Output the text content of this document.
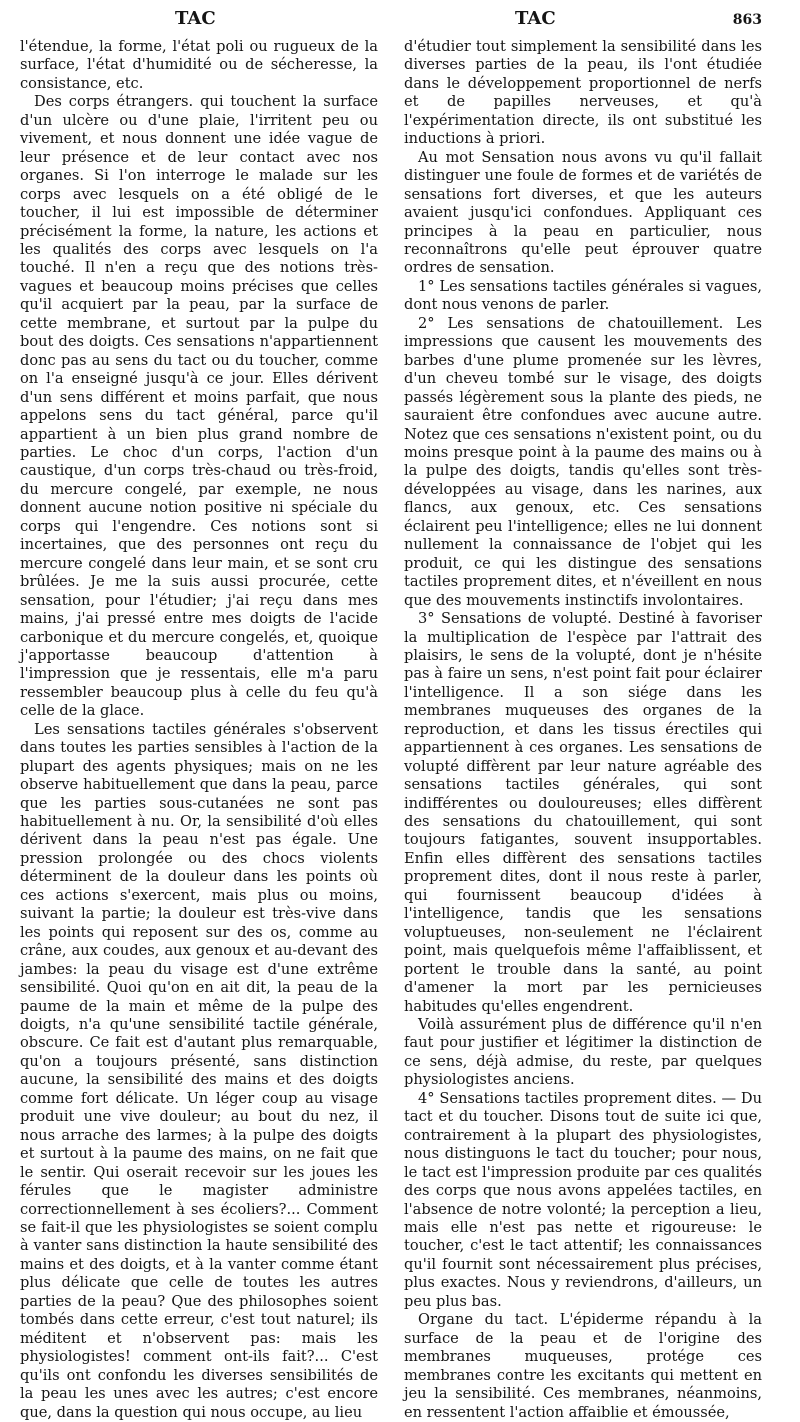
TAC	TAC	863

l'étendue, la forme, l'état poli ou rugueux de la surface, l'état d'humidité ou de sécheresse, la consistance, etc.

Des corps étrangers. qui touchent la surface d'un ulcère ou d'une plaie, l'irritent peu ou vivement, et nous donnent une idée vague de leur présence et de leur contact avec nos organes. Si l'on interroge le malade sur les corps avec lesquels on a été obligé de le toucher, il lui est impossible de déterminer précisément la forme, la nature, les actions et les qualités des corps avec lesquels on l'a touché. Il n'en a reçu que des notions très-vagues et beaucoup moins précises que celles qu'il acquiert par la peau, par la surface de cette membrane, et surtout par la pulpe du bout des doigts. Ces sensations n'appartiennent donc pas au sens du tact ou du toucher, comme on l'a enseigné jusqu'à ce jour. Elles dérivent d'un sens différent et moins parfait, que nous appelons sens du tact général, parce qu'il appartient à un bien plus grand nombre de parties. Le choc d'un corps, l'action d'un caustique, d'un corps très-chaud ou très-froid, du mercure congelé, par exemple, ne nous donnent aucune notion positive ni spéciale du corps qui l'engendre. Ces notions sont si incertaines, que des personnes ont reçu du mercure congelé dans leur main, et se sont cru brûlées. Je me la suis aussi procurée, cette sensation, pour l'étudier; j'ai reçu dans mes mains, j'ai pressé entre mes doigts de l'acide carbonique et du mercure congelés, et, quoique j'apportasse beaucoup d'attention à l'impression que je ressentais, elle m'a paru ressembler beaucoup plus à celle du feu qu'à celle de la glace.

Les sensations tactiles générales s'observent dans toutes les parties sensibles à l'action de la plupart des agents physiques; mais on ne les observe habituellement que dans la peau, parce que les parties sous-cutanées ne sont pas habituellement à nu. Or, la sensibilité d'où elles dérivent dans la peau n'est pas égale. Une pression prolongée ou des chocs violents déterminent de la douleur dans les points où ces actions s'exercent, mais plus ou moins, suivant la partie; la douleur est très-vive dans les points qui reposent sur des os, comme au crâne, aux coudes, aux genoux et au-devant des jambes: la peau du visage est d'une extrême sensibilité. Quoi qu'on en ait dit, la peau de la paume de la main et même de la pulpe des doigts, n'a qu'une sensibilité tactile générale, obscure. Ce fait est d'autant plus remarquable, qu'on a toujours présenté, sans distinction aucune, la sensibilité des mains et des doigts comme fort délicate. Un léger coup au visage produit une vive douleur; au bout du nez, il nous arrache des larmes; à la pulpe des doigts et surtout à la paume des mains, on ne fait que le sentir. Qui oserait recevoir sur les joues les férules que le magister administre correctionnellement à ses écoliers?... Comment se fait-il que les physiologistes se soient complu à vanter sans distinction la haute sensibilité des mains et des doigts, et à la vanter comme étant plus délicate que celle de toutes les autres parties de la peau? Que des philosophes soient tombés dans cette erreur, c'est tout naturel; ils méditent et n'observent pas: mais les physiologistes! comment ont-ils fait?... C'est qu'ils ont confondu les diverses sensibilités de la peau les unes avec les autres; c'est encore que, dans la question qui nous occupe, au lieu

d'étudier tout simplement la sensibilité dans les diverses parties de la peau, ils l'ont étudiée dans le développement proportionnel de nerfs et de papilles nerveuses, et qu'à l'expérimentation directe, ils ont substitué les inductions à priori.

Au mot Sensation nous avons vu qu'il fallait distinguer une foule de formes et de variétés de sensations fort diverses, et que les auteurs avaient jusqu'ici confondues. Appliquant ces principes à la peau en particulier, nous reconnaîtrons qu'elle peut éprouver quatre ordres de sensation.

1° Les sensations tactiles générales si vagues, dont nous venons de parler.

2° Les sensations de chatouillement. Les impressions que causent les mouvements des barbes d'une plume promenée sur les lèvres, d'un cheveu tombé sur le visage, des doigts passés légèrement sous la plante des pieds, ne sauraient être confondues avec aucune autre. Notez que ces sensations n'existent point, ou du moins presque point à la paume des mains ou à la pulpe des doigts, tandis qu'elles sont très-développées au visage, dans les narines, aux flancs, aux genoux, etc. Ces sensations éclairent peu l'intelligence; elles ne lui donnent nullement la connaissance de l'objet qui les produit, ce qui les distingue des sensations tactiles proprement dites, et n'éveillent en nous que des mouvements instinctifs involontaires.

3° Sensations de volupté. Destiné à favoriser la multiplication de l'espèce par l'attrait des plaisirs, le sens de la volupté, dont je n'hésite pas à faire un sens, n'est point fait pour éclairer l'intelligence. Il a son siége dans les membranes muqueuses des organes de la reproduction, et dans les tissus érectiles qui appartiennent à ces organes. Les sensations de volupté diffèrent par leur nature agréable des sensations tactiles générales, qui sont indifférentes ou douloureuses; elles diffèrent des sensations du chatouillement, qui sont toujours fatigantes, souvent insupportables. Enfin elles diffèrent des sensations tactiles proprement dites, dont il nous reste à parler, qui fournissent beaucoup d'idées à l'intelligence, tandis que les sensations voluptueuses, non-seulement ne l'éclairent point, mais quelquefois même l'affaiblissent, et portent le trouble dans la santé, au point d'amener la mort par les pernicieuses habitudes qu'elles engendrent.

Voilà assurément plus de différence qu'il n'en faut pour justifier et légitimer la distinction de ce sens, déjà admise, du reste, par quelques physiologistes anciens.

4° Sensations tactiles proprement dites. — Du tact et du toucher. Disons tout de suite ici que, contrairement à la plupart des physiologistes, nous distinguons le tact du toucher; pour nous, le tact est l'impression produite par ces qualités des corps que nous avons appelées tactiles, en l'absence de notre volonté; la perception a lieu, mais elle n'est pas nette et rigoureuse: le toucher, c'est le tact attentif; les connaissances qu'il fournit sont nécessairement plus précises, plus exactes. Nous y reviendrons, d'ailleurs, un peu plus bas.

Organe du tact. L'épiderme répandu à la surface de la peau et de l'origine des membranes muqueuses, protége ces membranes contre les excitants qui mettent en jeu la sensibilité. Ces membranes, néanmoins, en ressentent l'action affaiblie et émoussée,
